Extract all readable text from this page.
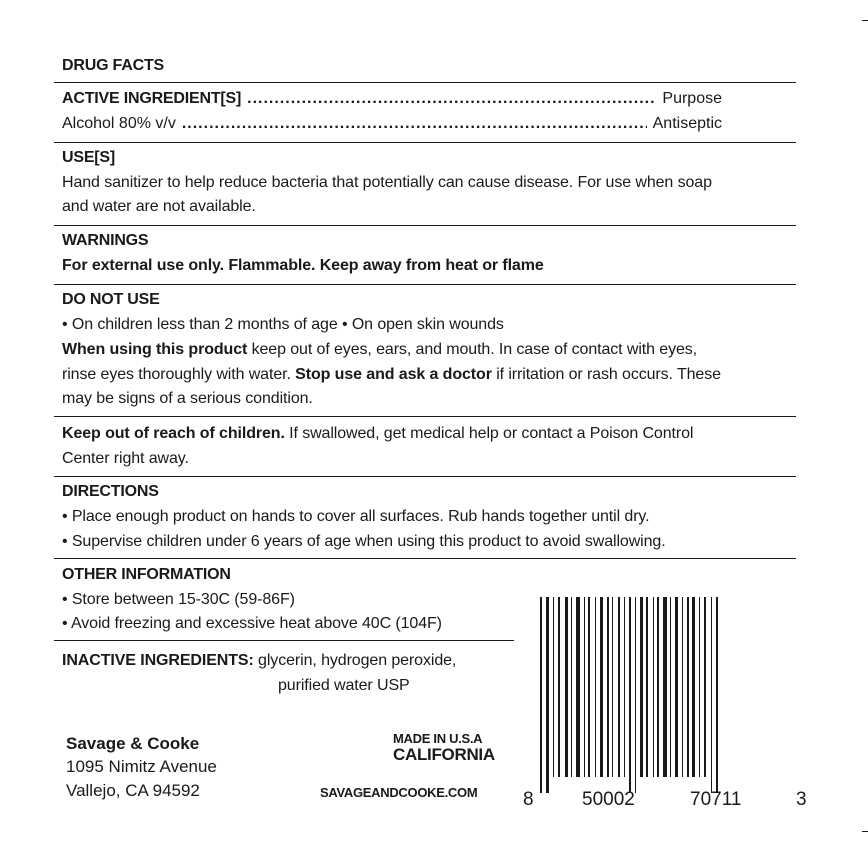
DRUG FACTS
ACTIVE INGREDIENT[S] .....	Purpose
Alcohol 80% v/v .....	Antiseptic
USE[S]
Hand sanitizer to help reduce bacteria that potentially can cause disease. For use when soap
and water are not available.
WARNINGS
For external use only. Flammable. Keep away from heat or flame
DO NOT USE
• On children less than 2 months of age • On open skin wounds
When using this product keep out of eyes, ears, and mouth. In case of contact with eyes,
rinse eyes thoroughly with water. Stop use and ask a doctor if irritation or rash occurs. These
may be signs of a serious condition.
Keep out of reach of children. If swallowed, get medical help or contact a Poison Control
Center right away.
DIRECTIONS
• Place enough product on hands to cover all surfaces. Rub hands together until dry.
• Supervise children under 6 years of age when using this product to avoid swallowing.
OTHER INFORMATION
• Store between 15-30C (59-86F)
• Avoid freezing and excessive heat above 40C (104F)
INACTIVE INGREDIENTS: glycerin, hydrogen peroxide,
purified water USP
Savage & Cooke
1095 Nimitz Avenue
Vallejo, CA 94592
MADE IN U.S.A
CALIFORNIA
SAVAGEANDCOOKE.COM 8	50002	70711	3
